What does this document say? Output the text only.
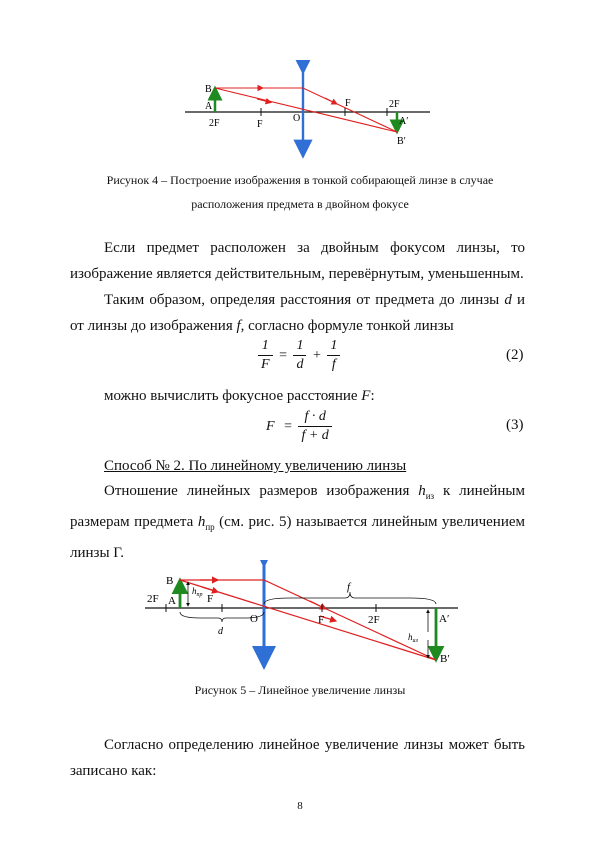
B
A
2F	F
O
F	2F
A′
B′
Рисунок 4 – Построение изображения в тонкой собирающей линзе в случае
расположения предмета в двойном фокусе
Если предмет расположен за двойным фокусом линзы, то изображение является действительным, перевёрнутым, уменьшенным.
Таким образом, определяя расстояния от предмета до линзы d и от линзы до изображения f, согласно формуле тонкой линзы
$\frac{1}{F} = \frac{1}{d} + \frac{1}{f}$	(2)
можно вычислить фокусное расстояние F:
$F = \frac{f \cdot d}{f + d}$	(3)
Способ № 2. По линейному увеличению линзы
Отношение линейных размеров изображения $h_{из}$ к линейным размерам предмета $h_{пр}$ (см. рис. 5) называется линейным увеличением линзы Г.
B
A
2F	F
$h_{пр}$
O
d
f
F	2F	A′
B′
$h_{из}$
Рисунок 5 – Линейное увеличение линзы
Согласно определению линейное увеличение линзы может быть записано как:
8
